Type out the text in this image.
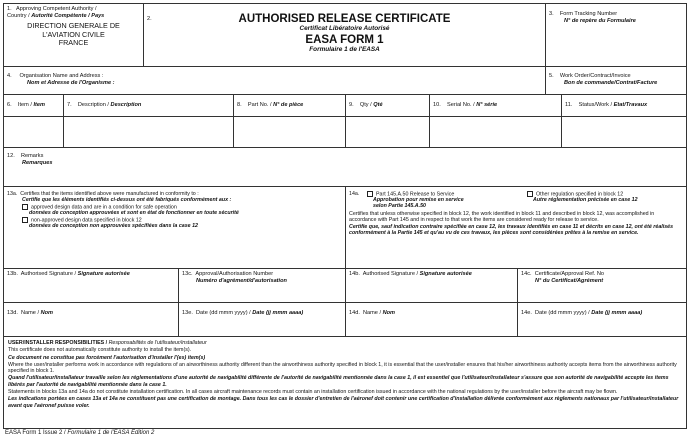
1. Approving Competent Authority /
Country / Autorité Compétente / Pays
DIRECTION GENERALE DE
L'AVIATION CIVILE
FRANCE
2.	AUTHORISED RELEASE CERTIFICATE
Certificat Libératoire Autorisé
EASA FORM 1
Formulaire 1 de l'EASA
3. Form Tracking Number
N° de repère du Formulaire
4. Organisation Name and Address :
Nom et Adresse de l'Organisme :
5. Work Order/Contract/Invoice
Bon de commande/Contrat/Facture
6. Item / Item	7. Description / Description	8. Part No. / N° de pièce	9. Qty / Qté	10. Serial No. / N° série	11. Status/Work / Etat/Travaux
12. Remarks
Remarques
13a. Certifies that the items identified above were manufactured in conformity to :
Certifie que les éléments identifiés ci-dessus ont été fabriqués conformément aux :
approved design data and are in a condition for safe operation
données de conception approuvées et sont en état de fonctionner en toute sécurité
non-approved design data specified in block 12
données de conception non approuvées spécifiées dans la case 12
14a.	Part 145.A.50 Release to Service
Approbation pour remise en service
selon Partie 145.A.50
Other regulation specified in block 12
Autre réglementation précisée en case 12
Certifies that unless otherwise specified in block 12, the work identified in block 11 and described in block 12, was accomplished in accordance with Part 145 and in respect to that work the items are considered ready for release to service.
Certifie que, sauf indication contraire spécifiée en case 12, les travaux identifiés en case 11 et décrits en case 12, ont été réalisés conformément à la Partie 145 et qu'au vu de ces travaux, les pièces sont considérées prêtes à la remise en service.
13b. Authorised Signature / Signature autorisée	13c. Approval/Authorisation Number
Numéro d'agrément/d'autorisation
14b. Authorised Signature / Signature autorisée	14c. Certificate/Approval Ref. No
N° du Certificat/Agrément
13d. Name / Nom	13e. Date (dd mmm yyyy) / Date (jj mmm aaaa)	14d. Name / Nom	14e. Date (dd mmm yyyy) / Date (jj mmm aaaa)
USER/INSTALLER RESPONSIBILITIES / Responsabilités de l'utilisateur/installateur
This certificate does not automatically constitute authority to install the item(s).
Ce document ne constitue pas forcément l'autorisation d'installer l'(es) item(s)
Where the user/installer performs work in accordance with regulations of an airworthiness authority different than the airworthiness authority specified in block 1, it is essential that the user/installer ensures that his/her airworthiness authority accepts items from the airworthiness authority specified in block 1.
Quand l'utilisateur/installateur travaille selon les réglementations d'une autorité de navigabilité différente de l'autorité de navigabilité mentionnée dans la case 1, il est essentiel que l'utilisateur/installateur s'assure que son autorité de navigabilité accepte les items libérés par l'autorité de navigabilité mentionnée dans la case 1.
Statements in blocks 13a and 14a do not constitute installation certification. In all cases aircraft maintenance records must contain an installation certification issued in accordance with the national regulations by the user/installer before the aircraft may be flown.
Les indications portées en cases 13a et 14a ne constituent pas une certification de montage. Dans tous les cas le dossier d'entretien de l'aéronef doit contenir une certification d'installation délivrée conformément aux règlements nationaux par l'utilisateur/installateur avant que l'aéronef puisse voler.
EASA Form 1 Issue 2 / Formulaire 1 de l'EASA Edition 2
